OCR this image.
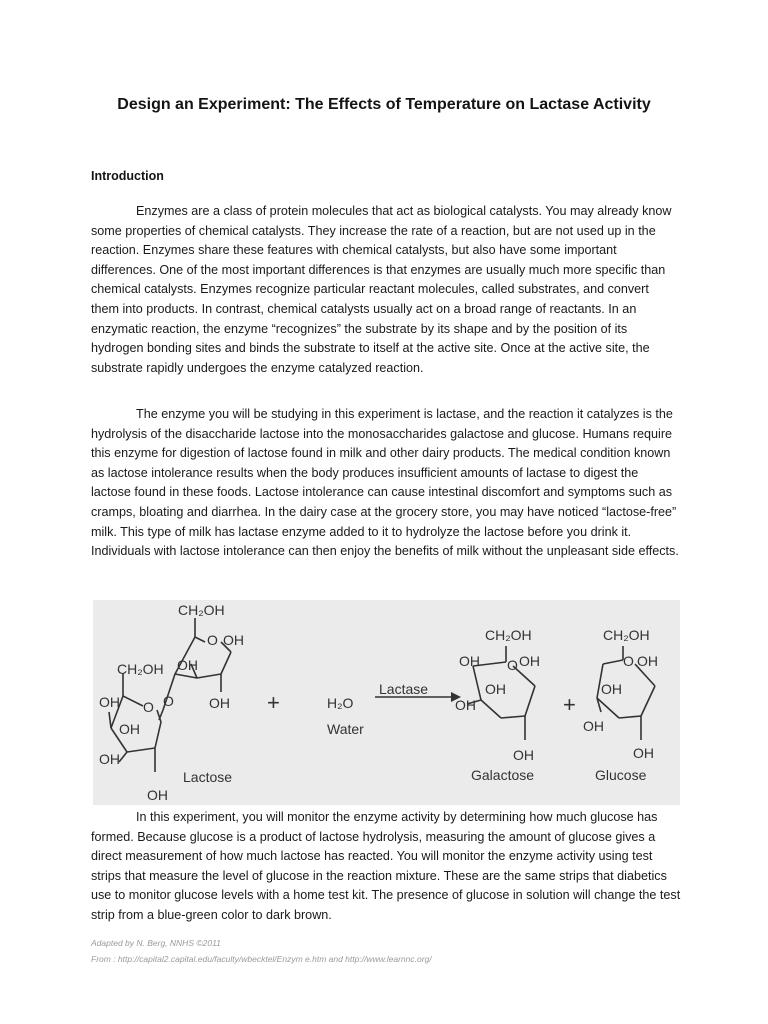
Design an Experiment: The Effects of Temperature on Lactase Activity
Introduction

Enzymes are a class of protein molecules that act as biological catalysts. You may already know some properties of chemical catalysts. They increase the rate of a reaction, but are not used up in the reaction. Enzymes share these features with chemical catalysts, but also have some important differences. One of the most important differences is that enzymes are usually much more specific than chemical catalysts. Enzymes recognize particular reactant molecules, called substrates, and convert them into products. In contrast, chemical catalysts usually act on a broad range of reactants. In an enzymatic reaction, the enzyme “recognizes” the substrate by its shape and by the position of its hydrogen bonding sites and binds the substrate to itself at the active site. Once at the active site, the substrate rapidly undergoes the enzyme catalyzed reaction.

The enzyme you will be studying in this experiment is lactase, and the reaction it catalyzes is the hydrolysis of the disaccharide lactose into the monosaccharides galactose and glucose. Humans require this enzyme for digestion of lactose found in milk and other dairy products. The medical condition known as lactose intolerance results when the body produces insufficient amounts of lactase to digest the lactose found in these foods. Lactose intolerance can cause intestinal discomfort and symptoms such as cramps, bloating and diarrhea. In the dairy case at the grocery store, you may have noticed “lactose-free” milk. This type of milk has lactase enzyme added to it to hydrolyze the lactose before you drink it. Individuals with lactose intolerance can then enjoy the benefits of milk without the unpleasant side effects.

CH₂OH
O OH
OH
OH
CH₂OH
O O
OH
OH
OH
OH
Lactose
+	+
H₂O
Water
Lactase
CH₂OH
OH O OH
OH
OH
OH
Galactose
CH₂OH
O OH
OH
OH
OH
Glucose

In this experiment, you will monitor the enzyme activity by determining how much glucose has formed. Because glucose is a product of lactose hydrolysis, measuring the amount of glucose gives a direct measurement of how much lactose has reacted. You will monitor the enzyme activity using test strips that measure the level of glucose in the reaction mixture. These are the same strips that diabetics use to monitor glucose levels with a home test kit. The presence of glucose in solution will change the test strip from a blue-green color to dark brown.

Adapted by N. Berg, NNHS ©2011
From : http://capital2.capital.edu/faculty/wbecktel/Enzym e.htm and http://www.learnnc.org/
